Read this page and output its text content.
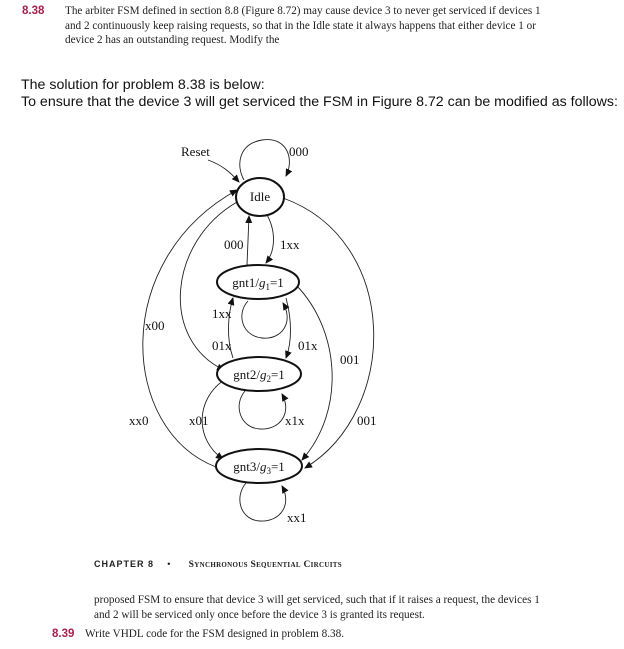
8.38 The arbiter FSM defined in section 8.8 (Figure 8.72) may cause device 3 to never get serviced if devices 1 and 2 continuously keep raising requests, so that in the Idle state it always happens that either device 1 or device 2 has an outstanding request. Modify the
The solution for problem 8.38 is below:
To ensure that the device 3 will get serviced the FSM in Figure 8.72 can be modified as follows:
Idle
$gnt1/g_1=1$
$gnt2/g_2=1$
$gnt3/g_3=1$
Reset	000
000	1xx
1xx
x00
01x	01x
001
xx0	x01	x1x	001
xx1
CHAPTER 8 • Synchronous Sequential Circuits
proposed FSM to ensure that device 3 will get serviced, such that if it raises a request, the devices 1 and 2 will be serviced only once before the device 3 is granted its request.
8.39 Write VHDL code for the FSM designed in problem 8.38.
